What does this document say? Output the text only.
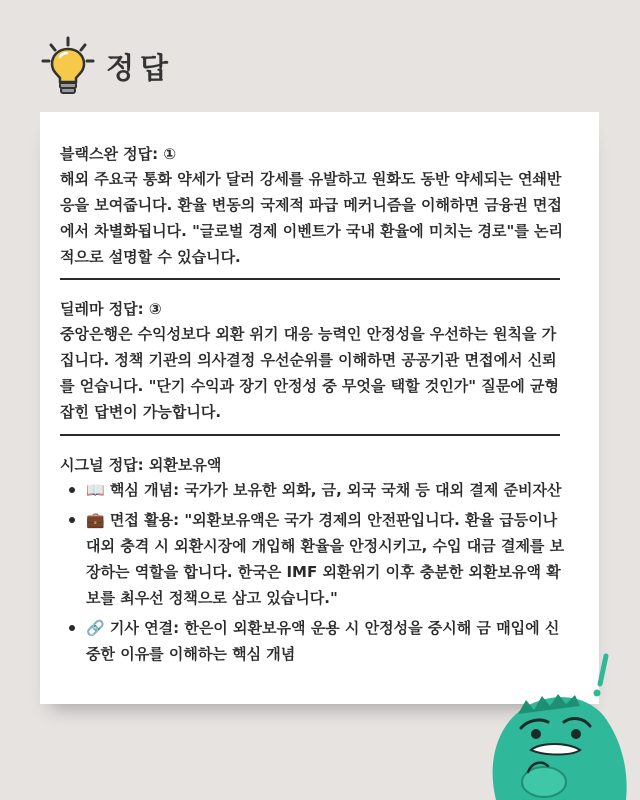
정답
블랙스완 정답: ①

해외 주요국 통화 약세가 달러 강세를 유발하고 원화도 동반 약세되는 연쇄반응을 보여줍니다. 환율 변동의 국제적 파급 메커니즘을 이해하면 금융권 면접에서 차별화됩니다. "글로벌 경제 이벤트가 국내 환율에 미치는 경로"를 논리적으로 설명할 수 있습니다.

딜레마 정답: ③

중앙은행은 수익성보다 외환 위기 대응 능력인 안정성을 우선하는 원칙을 가집니다. 정책 기관의 의사결정 우선순위를 이해하면 공공기관 면접에서 신뢰를 얻습니다. "단기 수익과 장기 안정성 중 무엇을 택할 것인가" 질문에 균형잡힌 답변이 가능합니다.

시그널 정답: 외환보유액
📖 핵심 개념: 국가가 보유한 외화, 금, 외국 국채 등 대외 결제 준비자산
💼 면접 활용: "외환보유액은 국가 경제의 안전판입니다. 환율 급등이나 대외 충격 시 외환시장에 개입해 환율을 안정시키고, 수입 대금 결제를 보장하는 역할을 합니다. 한국은 IMF 외환위기 이후 충분한 외환보유액 확보를 최우선 정책으로 삼고 있습니다."
🔗 기사 연결: 한은이 외환보유액 운용 시 안정성을 중시해 금 매입에 신중한 이유를 이해하는 핵심 개념
